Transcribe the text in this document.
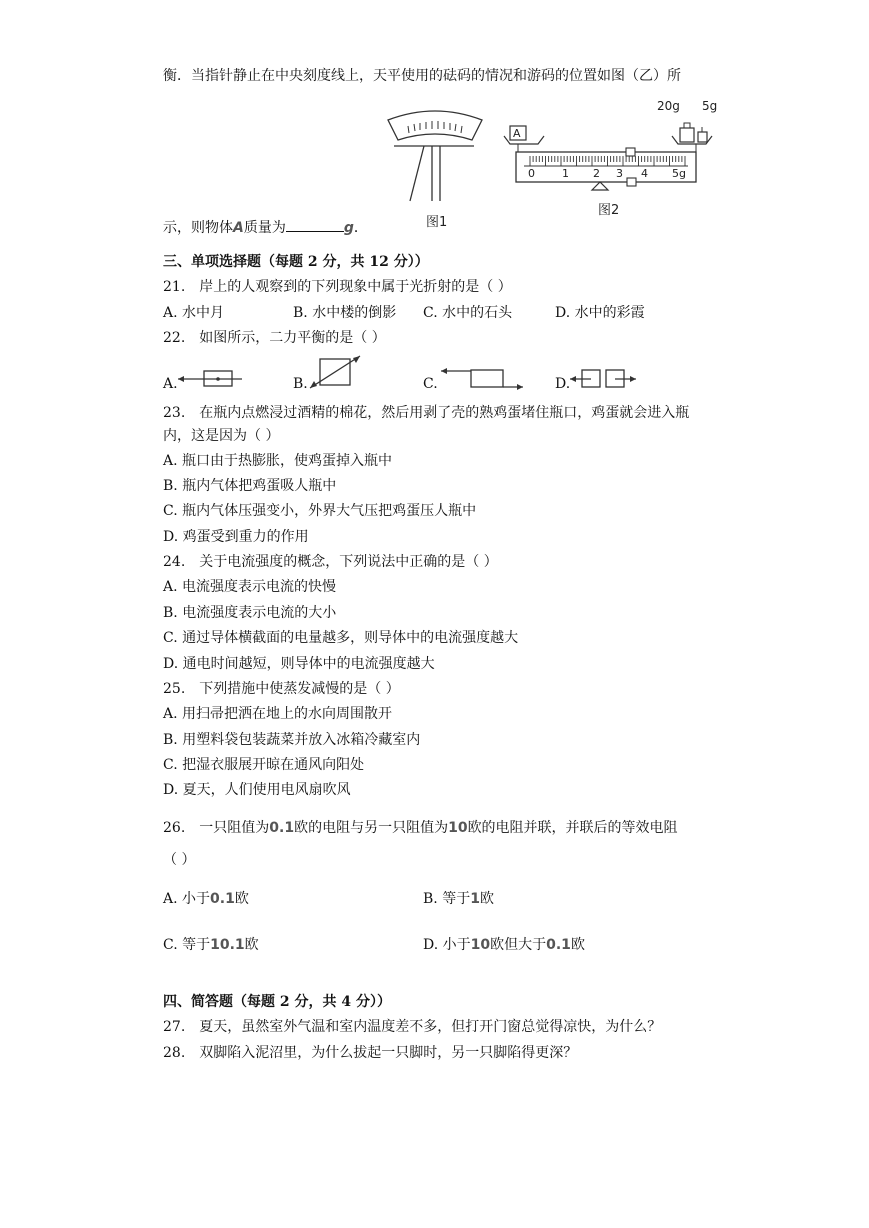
衡．当指针静止在中央刻度线上，天平使用的砝码的情况和游码的位置如图（乙）所
图1
20g 5g
A
0 1 2 3 4 5g
图2
示，则物体A质量为	g．
三、单项选择题（每题 2 分，共 12 分））
21.　岸上的人观察到的下列现象中属于光折射的是（ ）
A. 水中月	B. 水中楼的倒影 C. 水中的石头	D. 水中的彩霞
22.　如图所示，二力平衡的是（ ）
A.	B.	C.	D.
23.　在瓶内点燃浸过酒精的棉花，然后用剥了壳的熟鸡蛋堵住瓶口，鸡蛋就会进入瓶
内，这是因为（ ）
A. 瓶口由于热膨胀，使鸡蛋掉入瓶中
B. 瓶内气体把鸡蛋吸人瓶中
C. 瓶内气体压强变小，外界大气压把鸡蛋压人瓶中
D. 鸡蛋受到重力的作用
24.　关于电流强度的概念，下列说法中正确的是（ ）
A. 电流强度表示电流的快慢
B. 电流强度表示电流的大小
C. 通过导体横截面的电量越多，则导体中的电流强度越大
D. 通电时间越短，则导体中的电流强度越大
25.　下列措施中使蒸发减慢的是（ ）
A. 用扫帚把洒在地上的水向周围散开
B. 用塑料袋包装蔬菜并放入冰箱冷藏室内
C. 把湿衣服展开晾在通风向阳处
D. 夏天，人们使用电风扇吹风
26.　一只阻值为0.1欧的电阻与另一只阻值为10欧的电阻并联，并联后的等效电阻
（ ）
A. 小于0.1欧	B. 等于1欧
C. 等于10.1欧	D. 小于10欧但大于0.1欧
四、简答题（每题 2 分，共 4 分））
27.　夏天，虽然室外气温和室内温度差不多，但打开门窗总觉得凉快，为什么？
28.　双脚陷入泥沼里，为什么拔起一只脚时，另一只脚陷得更深？
